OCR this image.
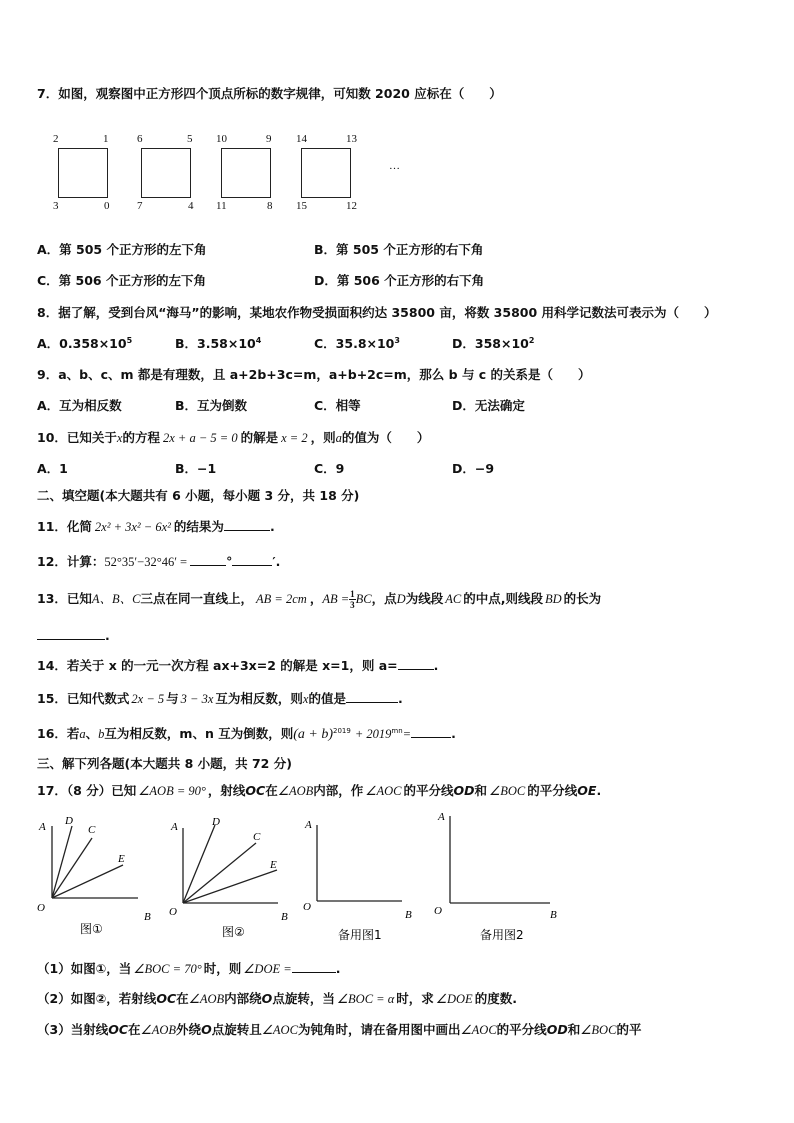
7．如图，观察图中正方形四个顶点所标的数字规律，可知数 2020 应标在（　　）
2	1
3	0
6	5
7	4
10	9
11	8
14	13
15	12
…
A．第 505 个正方形的左下角	B．第 505 个正方形的右下角
C．第 506 个正方形的左下角	D．第 506 个正方形的右下角
8．据了解，受到台风“海马”的影响，某地农作物受损面积约达 35800 亩，将数 35800 用科学记数法可表示为（　　）
A．$0.358\times 10^5$	B．$3.58\times 10^4$	C．$35.8\times 10^3$	D．$358\times 10^2$
9．a、b、c、m 都是有理数，且 a+2b+3c=m，a+b+2c=m，那么 b 与 c 的关系是（　　）
A．互为相反数	B．互为倒数	C．相等	D．无法确定
10．已知关于x的方程 2x + a − 5 = 0 的解是 x = 2 ，则a的值为（　　）
A．1	B．−1	C．9	D．−9
二、填空题(本大题共有 6 小题，每小题 3 分，共 18 分)
11．化简 2x² + 3x² − 6x² 的结果为	.
12．计算：52°35′−32°46′ =	°	′.
13．已知A、B、C三点在同一直线上， AB = 2cm ，AB = $\frac{1}{3}$ BC，点D为线段 AC 的中点,则线段 BD 的长为
.
14．若关于 x 的一元一次方程 ax+3x=2 的解是 x=1，则 a=	.
15．已知代数式 2x − 5 与 3 − 3x 互为相反数，则x的值是	.
16．若a、b互为相反数，m、n 互为倒数，则$(a + b)^{2019} + 2019^{mn}=$	.
三、解下列各题(本大题共 8 小题，共 72 分)
17．（8 分）已知 ∠AOB = 90° ，射线OC在∠AOB内部，作 ∠AOC 的平分线OD和 ∠BOC 的平分线OE.
A D
C
E
O
B
图①
A	D
C
E
O	B
图②
A
O
B
备用图1
A
O	B
备用图2
（1）如图①，当 ∠BOC = 70° 时，则 ∠DOE =	.
（2）如图②，若射线OC在∠AOB内部绕O点旋转，当 ∠BOC = α 时，求 ∠DOE 的度数.
（3）当射线OC在∠AOB外绕O点旋转且∠AOC为钝角时，请在备用图中画出∠AOC的平分线OD和∠BOC的平
